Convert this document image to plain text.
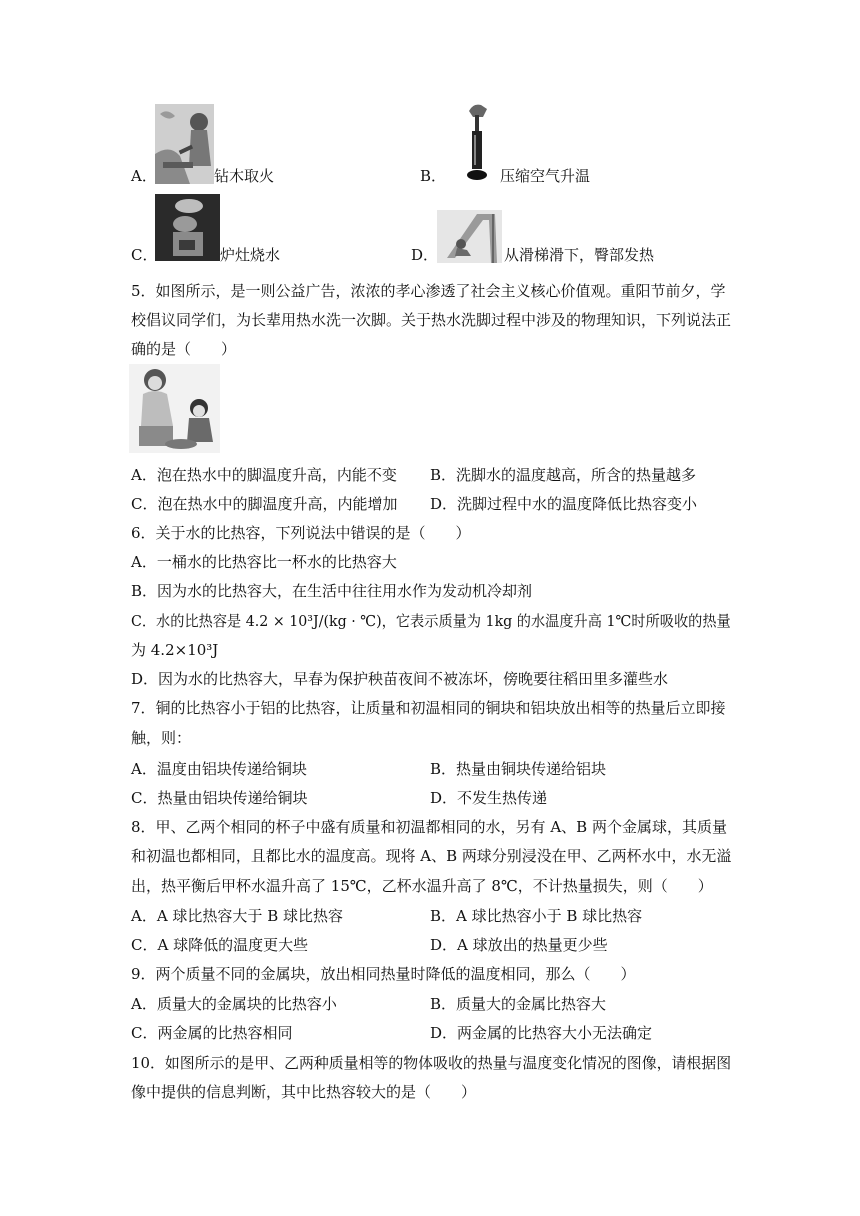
A．	钻木取火	B．	压缩空气升温
C．	炉灶烧水	D．	从滑梯滑下，臀部发热
5．如图所示，是一则公益广告，浓浓的孝心渗透了社会主义核心价值观。重阳节前夕，学
校倡议同学们，为长辈用热水洗一次脚。关于热水洗脚过程中涉及的物理知识，下列说法正
确的是（　　）
A．泡在热水中的脚温度升高，内能不变 B．洗脚水的温度越高，所含的热量越多
C．泡在热水中的脚温度升高，内能增加 D．洗脚过程中水的温度降低比热容变小
6．关于水的比热容，下列说法中错误的是（　　）
A．一桶水的比热容比一杯水的比热容大
B．因为水的比热容大，在生活中往往用水作为发动机冷却剂
C．水的比热容是 4.2 × 10³J/(kg · ℃)，它表示质量为 1kg 的水温度升高 1℃时所吸收的热量
为 4.2×10³J
D．因为水的比热容大，早春为保护秧苗夜间不被冻坏，傍晚要往稻田里多灌些水
7．铜的比热容小于铝的比热容，让质量和初温相同的铜块和铝块放出相等的热量后立即接
触，则：
A．温度由铝块传递给铜块	B．热量由铜块传递给铝块
C．热量由铝块传递给铜块	D．不发生热传递
8．甲、乙两个相同的杯子中盛有质量和初温都相同的水，另有 A、B 两个金属球，其质量
和初温也都相同，且都比水的温度高。现将 A、B 两球分别浸没在甲、乙两杯水中，水无溢
出，热平衡后甲杯水温升高了 15℃，乙杯水温升高了 8℃，不计热量损失，则（　　）
A．A 球比热容大于 B 球比热容	B．A 球比热容小于 B 球比热容
C．A 球降低的温度更大些	D．A 球放出的热量更少些
9．两个质量不同的金属块，放出相同热量时降低的温度相同，那么（　　）
A．质量大的金属块的比热容小	B．质量大的金属比热容大
C．两金属的比热容相同	D．两金属的比热容大小无法确定
10．如图所示的是甲、乙两种质量相等的物体吸收的热量与温度变化情况的图像，请根据图
像中提供的信息判断，其中比热容较大的是（　　）
